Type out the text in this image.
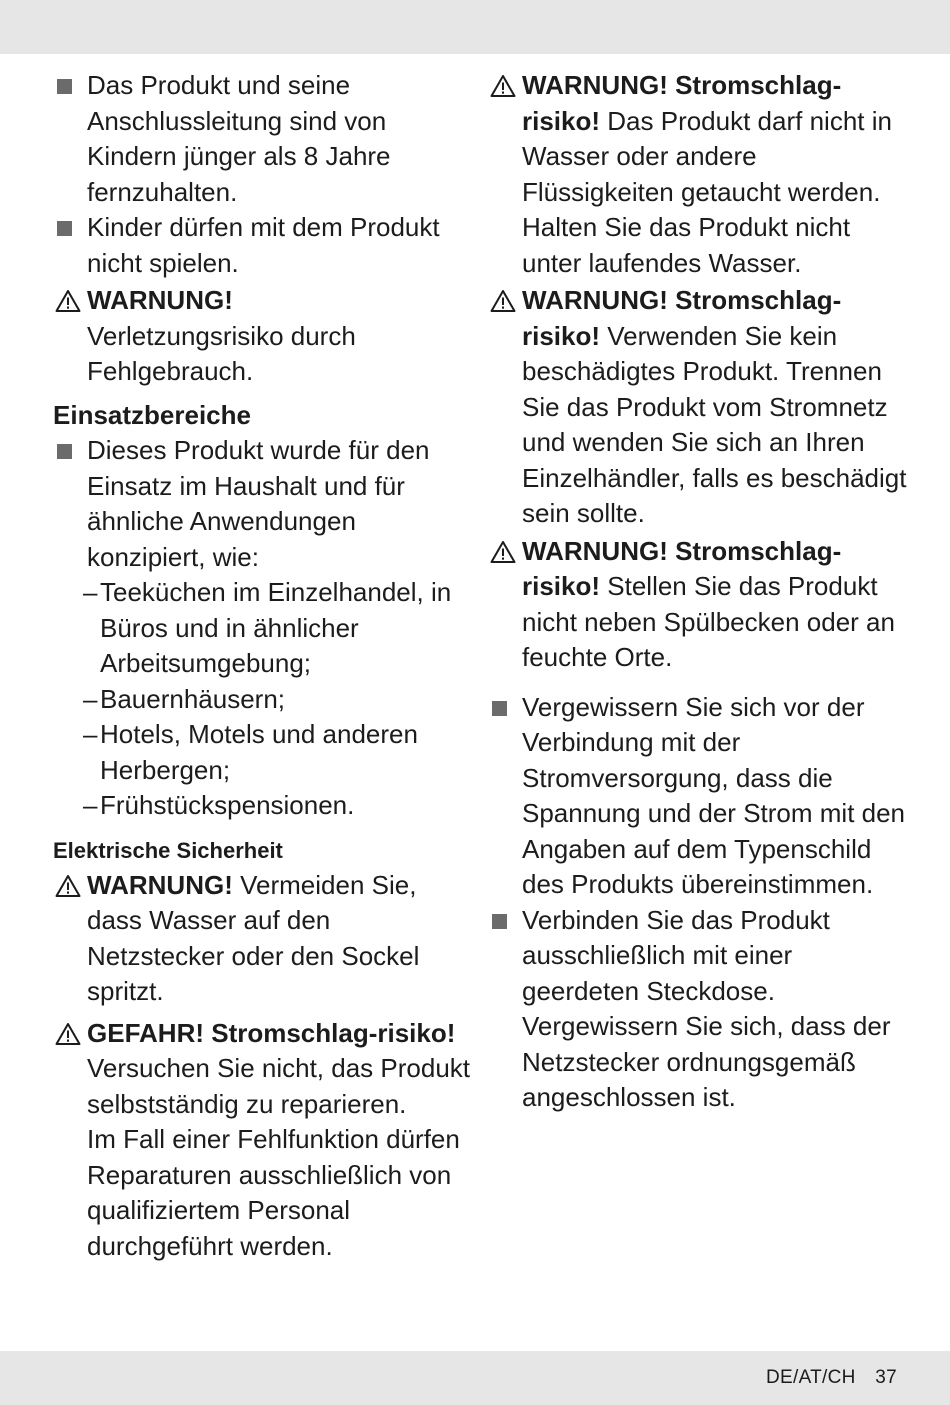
Das Produkt und seine Anschlussleitung sind von Kindern jünger als 8 Jahre fernzuhalten.
Kinder dürfen mit dem Produkt nicht spielen.
WARNUNG!
Verletzungsrisiko durch Fehlgebrauch.
Einsatzbereiche
Dieses Produkt wurde für den Einsatz im Haushalt und für ähnliche Anwendungen konzipiert, wie:
– Teeküchen im Einzelhandel, in Büros und in ähnlicher Arbeitsumgebung;
– Bauernhäusern;
– Hotels, Motels und anderen Herbergen;
– Frühstückspensionen.
Elektrische Sicherheit
WARNUNG! Vermeiden Sie, dass Wasser auf den Netzstecker oder den Sockel spritzt.
GEFAHR! Stromschlag-risiko! Versuchen Sie nicht, das Produkt selbstständig zu reparieren.
Im Fall einer Fehlfunktion dürfen Reparaturen ausschließlich von qualifiziertem Personal durchgeführt werden.
WARNUNG! Stromschlag-risiko! Das Produkt darf nicht in Wasser oder andere Flüssigkeiten getaucht werden. Halten Sie das Produkt nicht unter laufendes Wasser.
WARNUNG! Stromschlag-risiko! Verwenden Sie kein beschädigtes Produkt. Trennen Sie das Produkt vom Stromnetz und wenden Sie sich an Ihren Einzelhändler, falls es beschädigt sein sollte.
WARNUNG! Stromschlag-risiko! Stellen Sie das Produkt nicht neben Spülbecken oder an feuchte Orte.
Vergewissern Sie sich vor der Verbindung mit der Stromversorgung, dass die Spannung und der Strom mit den Angaben auf dem Typenschild des Produkts übereinstimmen.
Verbinden Sie das Produkt ausschließlich mit einer geerdeten Steckdose. Vergewissern Sie sich, dass der Netzstecker ordnungsgemäß angeschlossen ist.
DE/AT/CH 37
